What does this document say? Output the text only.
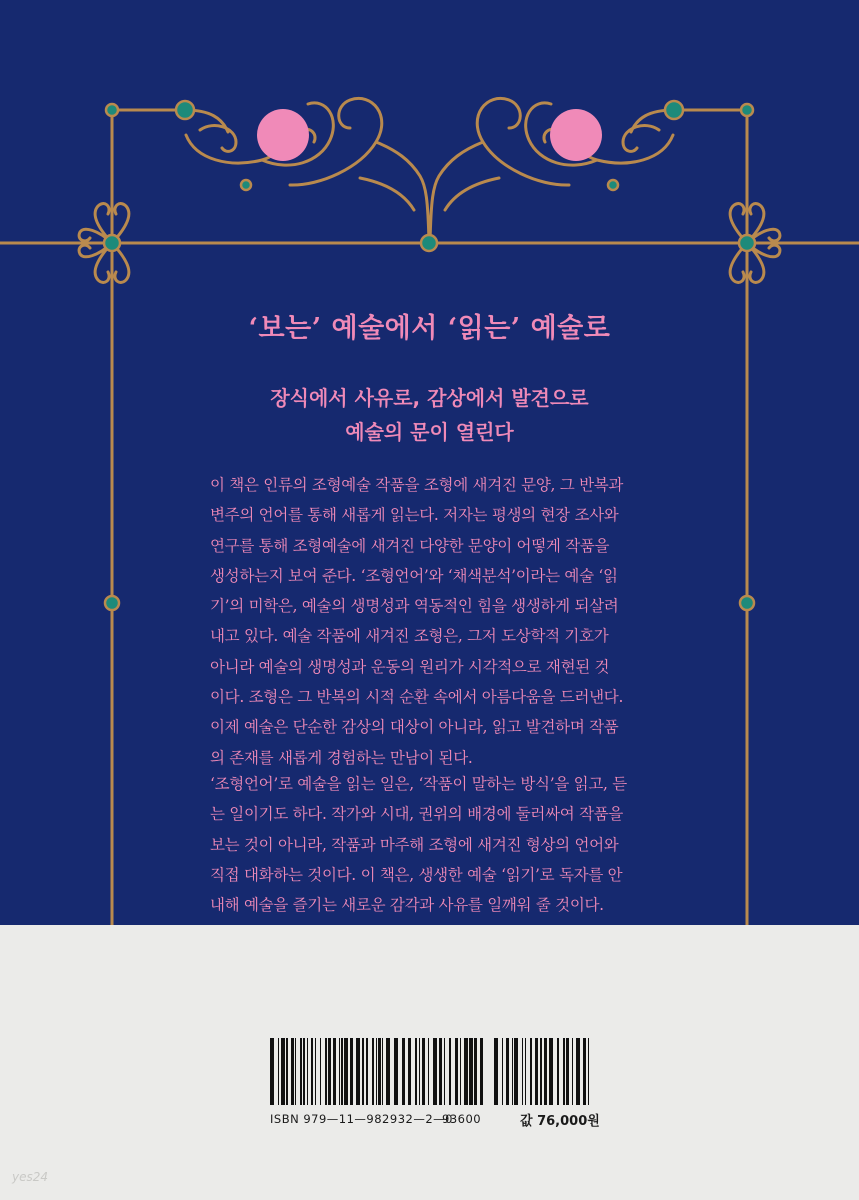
‘보는’ 예술에서 ‘읽는’ 예술로
장식에서 사유로, 감상에서 발견으로
예술의 문이 열린다
이 책은 인류의 조형예술 작품을 조형에 새겨진 문양, 그 반복과
변주의 언어를 통해 새롭게 읽는다. 저자는 평생의 현장 조사와
연구를 통해 조형예술에 새겨진 다양한 문양이 어떻게 작품을
생성하는지 보여 준다. ‘조형언어’와 ‘채색분석’이라는 예술 ‘읽
기’의 미학은, 예술의 생명성과 역동적인 힘을 생생하게 되살려
내고 있다. 예술 작품에 새겨진 조형은, 그저 도상학적 기호가
아니라 예술의 생명성과 운동의 원리가 시각적으로 재현된 것
이다. 조형은 그 반복의 시적 순환 속에서 아름다움을 드러낸다.
이제 예술은 단순한 감상의 대상이 아니라, 읽고 발견하며 작품
의 존재를 새롭게 경험하는 만남이 된다.
‘조형언어’로 예술을 읽는 일은, ‘작품이 말하는 방식’을 읽고, 듣
는 일이기도 하다. 작가와 시대, 권위의 배경에 둘러싸여 작품을
보는 것이 아니라, 작품과 마주해 조형에 새겨진 형상의 언어와
직접 대화하는 것이다. 이 책은, 생생한 예술 ‘읽기’로 독자를 안
내해 예술을 즐기는 새로운 감각과 사유를 일깨워 줄 것이다.
ISBN 979—11—982932—2—0
93600	값 76,000원
yes24
